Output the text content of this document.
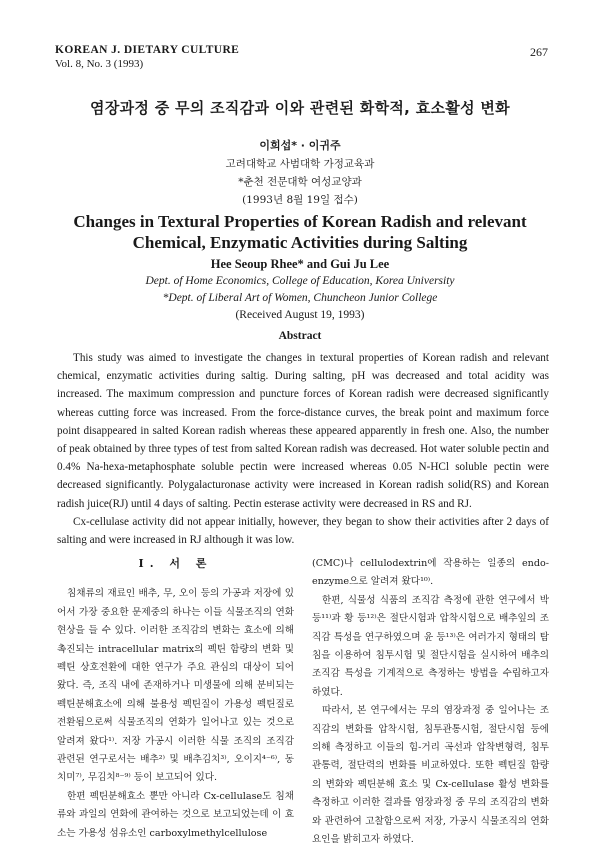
KOREAN J. DIETARY CULTURE
Vol. 8, No. 3 (1993)
267
염장과정 중 무의 조직감과 이와 관련된 화학적, 효소활성 변화
이희섭* · 이귀주
고려대학교 사범대학 가정교육과
*춘천 전문대학 여성교양과
(1993년 8월 19일 접수)
Changes in Textural Properties of Korean Radish and relevant
Chemical, Enzymatic Activities during Salting
Hee Seoup Rhee* and Gui Ju Lee
Dept. of Home Economics, College of Education, Korea University
*Dept. of Liberal Art of Women, Chuncheon Junior College
(Received August 19, 1993)
Abstract

This study was aimed to investigate the changes in textural properties of Korean radish and relevant chemical, enzymatic activities during saltig. During salting, pH was decreased and total acidity was increased. The maximum compression and puncture forces of Korean radish were decreased significantly whereas cutting force was increased. From the force-distance curves, the break point and maximum force point disappeared in salted Korean radish whereas these appeared apparently in fresh one. Also, the number of peak obtained by three types of test from salted Korean radish was decreased. Hot water soluble pectin and 0.4% Na-hexa-metaphosphate soluble pectin were increased whereas 0.05 N-HCl soluble pectin were decreased significantly. Polygalacturonase activity were increased in Korean radish solid(RS) and Korean radish juice(RJ) until 4 days of salting. Pectin esterase activity were decreased in RS and RJ.

Cx-cellulase activity did not appear initially, however, they began to show their activities after 2 days of salting and were increased in RJ although it was low.

I. 서 론

침채류의 재료인 배추, 무, 오이 등의 가공과 저장에 있어서 가장 중요한 문제중의 하나는 이들 식물조직의 연화현상을 들 수 있다. 이러한 조직감의 변화는 효소에 의해 촉진되는 intracellular matrix의 펙틴 함량의 변화 및 펙틴 상호전환에 대한 연구가 주요 관심의 대상이 되어 왔다. 즉, 조직 내에 존재하거나 미생물에 의해 분비되는 펙틴분해효소에 의해 불용성 펙틴질이 가용성 펙틴질로 전환됨으로써 식물조직의 연화가 일어나고 있는 것으로 알려져 왔다¹⁾. 저장 가공시 이러한 식물 조직의 조직감 관련된 연구로서는 배추²⁾ 및 배추김치³⁾, 오이지⁴⁻⁶⁾, 동치미⁷⁾, 무김치⁸⁻⁹⁾ 등이 보고되어 있다.

한편 펙틴분해효소 뿐만 아니라 Cx-cellulase도 침채류와 과일의 연화에 관여하는 것으로 보고되었는데 이 효소는 가용성 섬유소인 carboxylmethylcellulose

(CMC)나 cellulodextrin에 작용하는 일종의 endo-enzyme으로 알려져 왔다¹⁰⁾.

한편, 식물성 식품의 조직감 측정에 관한 연구에서 박 등¹¹⁾과 황 등¹²⁾은 절단시험과 압착시험으로 배추잎의 조직감 특성을 연구하였으며 윤 등¹³⁾은 여러가지 형태의 탐침을 이용하여 침투시험 및 절단시험을 실시하여 배추의 조직감 특성을 기계적으로 측정하는 방법을 수립하고자 하였다.

따라서, 본 연구에서는 무의 염장과정 중 일어나는 조직감의 변화를 압착시험, 침투관통시험, 절단시험 등에 의해 측정하고 이들의 힘-거리 곡선과 압착변형력, 침투관통력, 절단력의 변화를 비교하였다. 또한 펙틴질 함량의 변화와 펙틴분해 효소 및 Cx-cellulase 활성 변화를 측정하고 이러한 결과를 염장과정 중 무의 조직감의 변화와 관련하여 고찰함으로써 저장, 가공시 식물조직의 연화 요인을 밝히고자 하였다.
